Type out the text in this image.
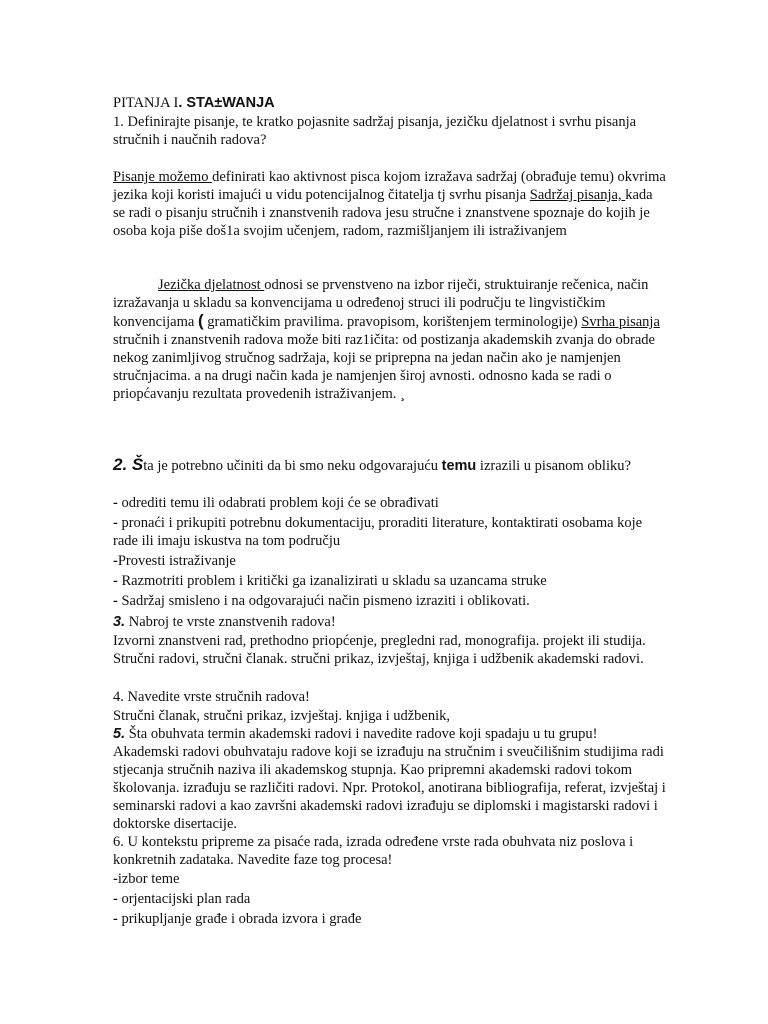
PITANJA I. STA±WANJA
1. Definirajte pisanje, te kratko pojasnite sadržaj pisanja, jezičku djelatnost i svrhu pisanja stručnih i naučnih radova?
Pisanje možemo definirati kao aktivnost pisca kojom izražava sadržaj (obrađuje temu) okvrima jezika koji koristi imajući u vidu potencijalnog čitatelja tj svrhu pisanja Sadržaj pisanja, kada se radi o pisanju stručnih i znanstvenih radova jesu stručne i znanstvene spoznaje do kojih je osoba koja piše doš1a svojim učenjem, radom, razmišljanjem ili istraživanjem
Jezička djelatnost odnosi se prvenstveno na izbor riječi, struktuiranje rečenica, način izražavanja u skladu sa konvencijama u određenoj struci ili području te lingvističkim konvencijama ( gramatičkim pravilima. pravopisom, korištenjem terminologije) Svrha pisanja stručnih i znanstvenih radova može biti raz1ičita: od postizanja akademskih zvanja do obrade nekog zanimljivog stručnog sadržaja, koji se pripreрna na jedan način ako je namjenjen stručnjacima. a na drugi način kada je namjenjen široj avnosti. odnosno kada se radi o priopćavanju rezultata provedenih istraživanjem. ¸
2. Šta je potrebno učiniti da bi smo neku odgovarajuću temu izrazili u pisanom obliku?

- odrediti temu ili odabrati problem koji će se obrađivati

- pronaći i prikupiti potrebnu dokumentaciju, proraditi literature, kontaktirati osobama koje rade ili imaju iskustva na tom području

-Provesti istraživanje

- Razmotriti problem i kritički ga izanalizirati u skladu sa uzancama struke

- Sadržaj smisleno i na odgovarajući način pismeno izraziti i oblikovati.

3. Nabroj te vrste znanstvenih radova!
Izvorni znanstveni rad, prethodno priopćenje, pregledni rad, monografija. projekt ili studija. Stručni radovi, stručni članak. stručni prikaz, izvještaj, knjiga i udžbenik akademski radovi.
4. Navedite vrste stručnih radova!
Stručni članak, stručni prikaz, izvještaj. knjiga i udžbenik,
5. Šta obuhvata termin akademski radovi i navedite radove koji spadaju u tu grupu!
Akademski radovi obuhvataju radove koji se izrađuju na stručnim i sveučilišnim studijima radi stjecanja stručnih naziva ili akademskog stupnja. Kao pripremni akademski radovi tokom školovanja. izrađuju se različiti radovi. Npr. Protokol, anotirana bibliografija, referat, izvještaj i seminarski radovi a kao završni akademski radovi izrađuju se diplomski i magistarski radovi i doktorske disertacije.
6. U kontekstu pripreme za pisaće rada, izrada određene vrste rada obuhvata niz poslova i konkretnih zadataka. Navedite faze tog procesa!

-izbor teme

- orjentacijski plan rada

- prikupljanje građe i obrada izvora i građe
